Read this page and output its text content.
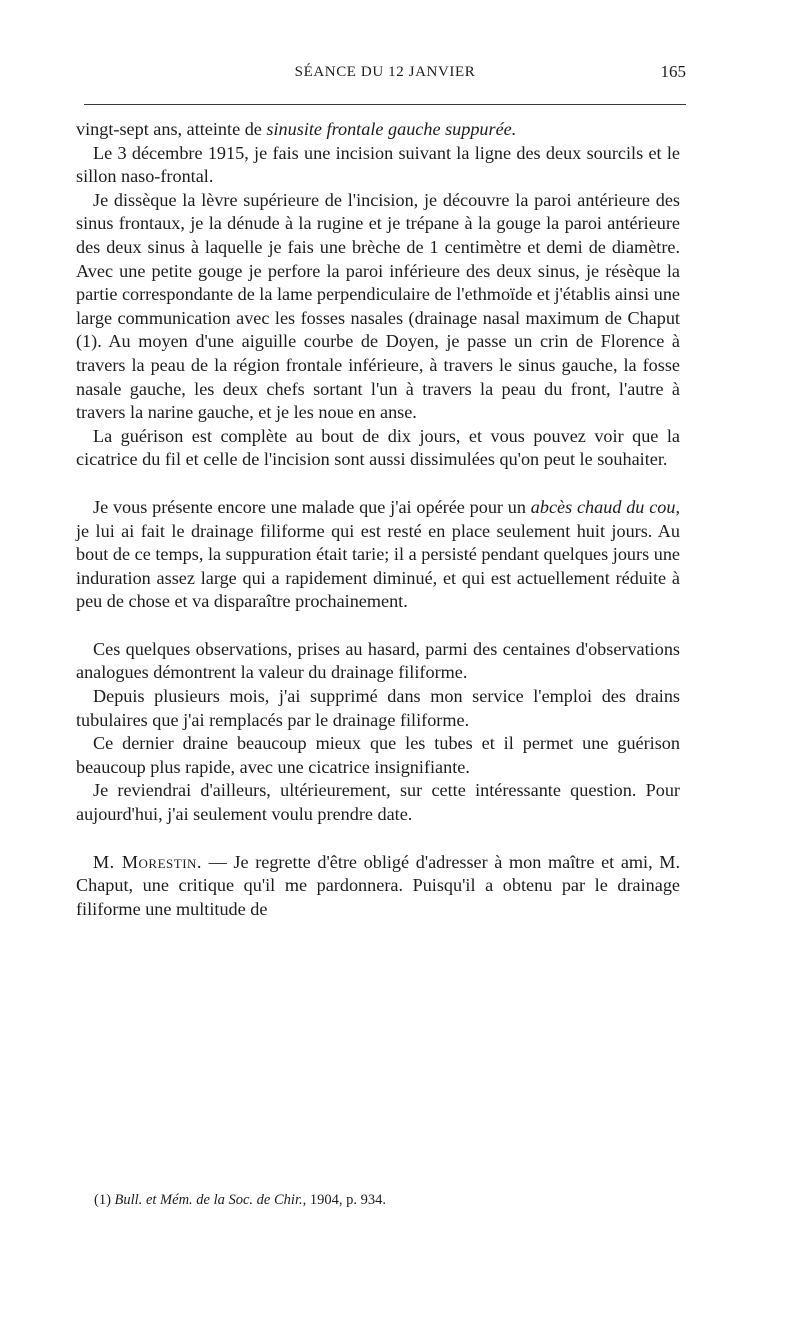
SÉANCE DU 12 JANVIER	165

vingt-sept ans, atteinte de sinusite frontale gauche suppurée.

Le 3 décembre 1915, je fais une incision suivant la ligne des deux sourcils et le sillon naso-frontal.

Je dissèque la lèvre supérieure de l'incision, je découvre la paroi antérieure des sinus frontaux, je la dénude à la rugine et je trépane à la gouge la paroi antérieure des deux sinus à laquelle je fais une brèche de 1 centimètre et demi de diamètre. Avec une petite gouge je perfore la paroi inférieure des deux sinus, je résèque la partie correspondante de la lame perpendiculaire de l'ethmoïde et j'établis ainsi une large communication avec les fosses nasales (drainage nasal maximum de Chaput (1). Au moyen d'une aiguille courbe de Doyen, je passe un crin de Florence à travers la peau de la région frontale inférieure, à travers le sinus gauche, la fosse nasale gauche, les deux chefs sortant l'un à travers la peau du front, l'autre à travers la narine gauche, et je les noue en anse.

La guérison est complète au bout de dix jours, et vous pouvez voir que la cicatrice du fil et celle de l'incision sont aussi dissimulées qu'on peut le souhaiter.

Je vous présente encore une malade que j'ai opérée pour un abcès chaud du cou, je lui ai fait le drainage filiforme qui est resté en place seulement huit jours. Au bout de ce temps, la suppuration était tarie; il a persisté pendant quelques jours une induration assez large qui a rapidement diminué, et qui est actuellement réduite à peu de chose et va disparaître prochainement.

Ces quelques observations, prises au hasard, parmi des centaines d'observations analogues démontrent la valeur du drainage filiforme.

Depuis plusieurs mois, j'ai supprimé dans mon service l'emploi des drains tubulaires que j'ai remplacés par le drainage filiforme.

Ce dernier draine beaucoup mieux que les tubes et il permet une guérison beaucoup plus rapide, avec une cicatrice insignifiante.

Je reviendrai d'ailleurs, ultérieurement, sur cette intéressante question. Pour aujourd'hui, j'ai seulement voulu prendre date.

M. Morestin. — Je regrette d'être obligé d'adresser à mon maître et ami, M. Chaput, une critique qu'il me pardonnera. Puisqu'il a obtenu par le drainage filiforme une multitude de

(1) Bull. et Mém. de la Soc. de Chir., 1904, p. 934.
